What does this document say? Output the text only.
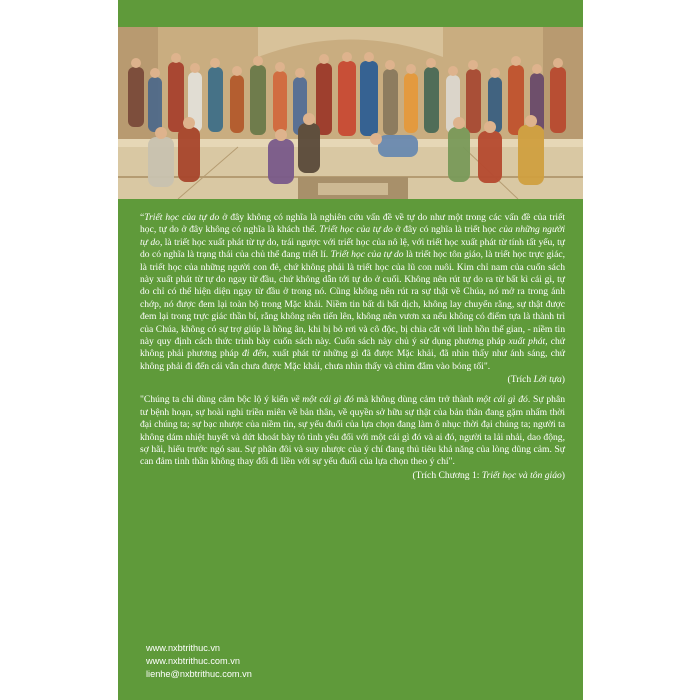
“Triết học của tự do ở đây không có nghĩa là nghiên cứu vấn đề về tự do như một trong các vấn đề của triết học, tự do ở đây không có nghĩa là khách thể. Triết học của tự do ở đây có nghĩa là triết học của những người tự do, là triết học xuất phát từ tự do, trái ngược với triết học của nô lệ, với triết học xuất phát từ tính tất yếu, tự do có nghĩa là trạng thái của chủ thể đang triết lí. Triết học của tự do là triết học tôn giáo, là triết học trực giác, là triết học của những người con đẻ, chứ không phải là triết học của lũ con nuôi. Kim chỉ nam của cuốn sách này xuất phát từ tự do ngay từ đầu, chứ không dẫn tới tự do ở cuối. Không nên rút tự do ra từ bất kì cái gì, tự do chỉ có thể hiện diện ngay từ đầu ở trong nó. Cũng không nên rút ra sự thật về Chúa, nó mở ra trong ánh chớp, nó được đem lại toàn bộ trong Mặc khải. Niềm tin bất di bất dịch, không lay chuyển rằng, sự thật được đem lại trong trực giác thần bí, rằng không nên tiến lên, không nên vươn xa nếu không có điểm tựa là thành trì của Chúa, không có sự trợ giúp là hồng ân, khi bị bỏ rơi và cô độc, bị chia cắt với linh hồn thế gian, - niềm tin này quy định cách thức trình bày cuốn sách này. Cuốn sách này chủ ý sử dụng phương pháp xuất phát, chứ không phải phương pháp đi đến, xuất phát từ những gì đã được Mặc khải, đã nhìn thấy như ánh sáng, chứ không phải đi đến cái vẫn chưa được Mặc khải, chưa nhìn thấy và chìm đắm vào bóng tối".

(Trích Lời tựa)

"Chúng ta chỉ dùng cảm bộc lộ ý kiến về một cái gì đó mà không dùng cảm trở thành một cái gì đó. Sự phân tư bệnh hoạn, sự hoài nghi triền miên về bản thân, về quyền sở hữu sự thật của bản thân đang gặm nhấm thời đại chúng ta; sự bạc nhược của niềm tin, sự yếu đuối của lựa chọn đang làm ô nhục thời đại chúng ta; người ta không dám nhiệt huyết và dứt khoát bày tỏ tình yêu đối với một cái gì đó và ai đó, người ta lải nhải, dao động, sợ hãi, hiếu trước ngó sau. Sự phân đôi và suy nhược của ý chí đang thủ tiêu khả năng của lòng dũng cảm. Sự can đảm tinh thần không thay đổi đi liền với sự yếu đuối của lựa chọn theo ý chí".

(Trích Chương 1: Triết học và tôn giáo)

www.nxbtrithuc.vn
www.nxbtrithuc.com.vn
lienhe@nxbtrithuc.com.vn
